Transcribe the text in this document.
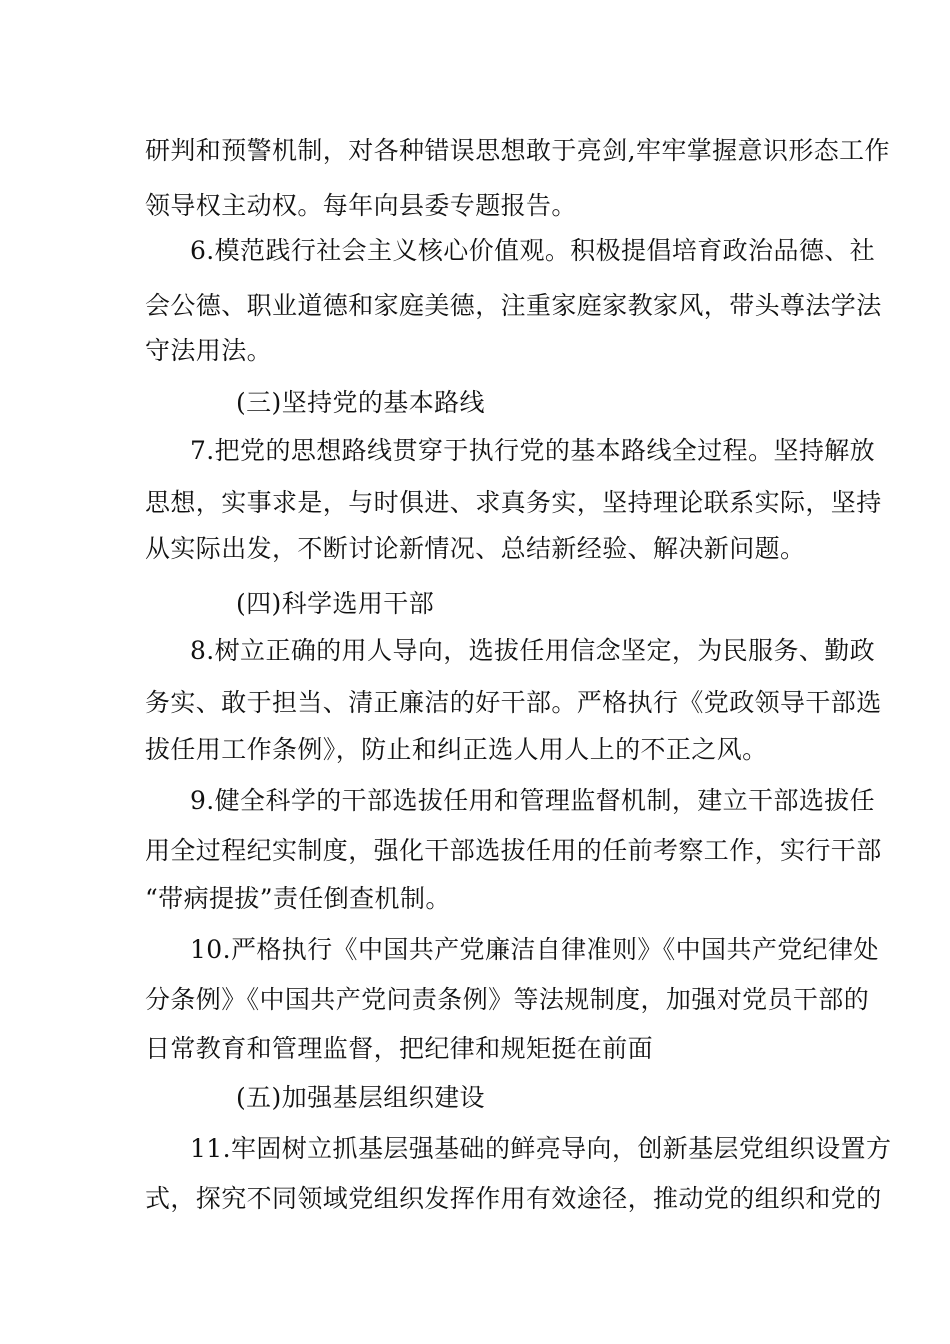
研判和预警机制，对各种错误思想敢于亮剑,牢牢掌握意识形态工作
领导权主动权。每年向县委专题报告。
6.模范践行社会主义核心价值观。积极提倡培育政治品德、社
会公德、职业道德和家庭美德，注重家庭家教家风，带头尊法学法
守法用法。
(三)坚持党的基本路线
7.把党的思想路线贯穿于执行党的基本路线全过程。坚持解放
思想，实事求是，与时俱进、求真务实，坚持理论联系实际，坚持
从实际出发，不断讨论新情况、总结新经验、解决新问题。
(四)科学选用干部
8.树立正确的用人导向，选拔任用信念坚定，为民服务、勤政
务实、敢于担当、清正廉洁的好干部。严格执行《党政领导干部选
拔任用工作条例》，防止和纠正选人用人上的不正之风。
9.健全科学的干部选拔任用和管理监督机制，建立干部选拔任
用全过程纪实制度，强化干部选拔任用的任前考察工作，实行干部
“带病提拔”责任倒查机制。
10.严格执行《中国共产党廉洁自律准则》《中国共产党纪律处
分条例》《中国共产党问责条例》等法规制度，加强对党员干部的
日常教育和管理监督，把纪律和规矩挺在前面
(五)加强基层组织建设
11.牢固树立抓基层强基础的鲜亮导向，创新基层党组织设置方
式，探究不同领域党组织发挥作用有效途径，推动党的组织和党的
